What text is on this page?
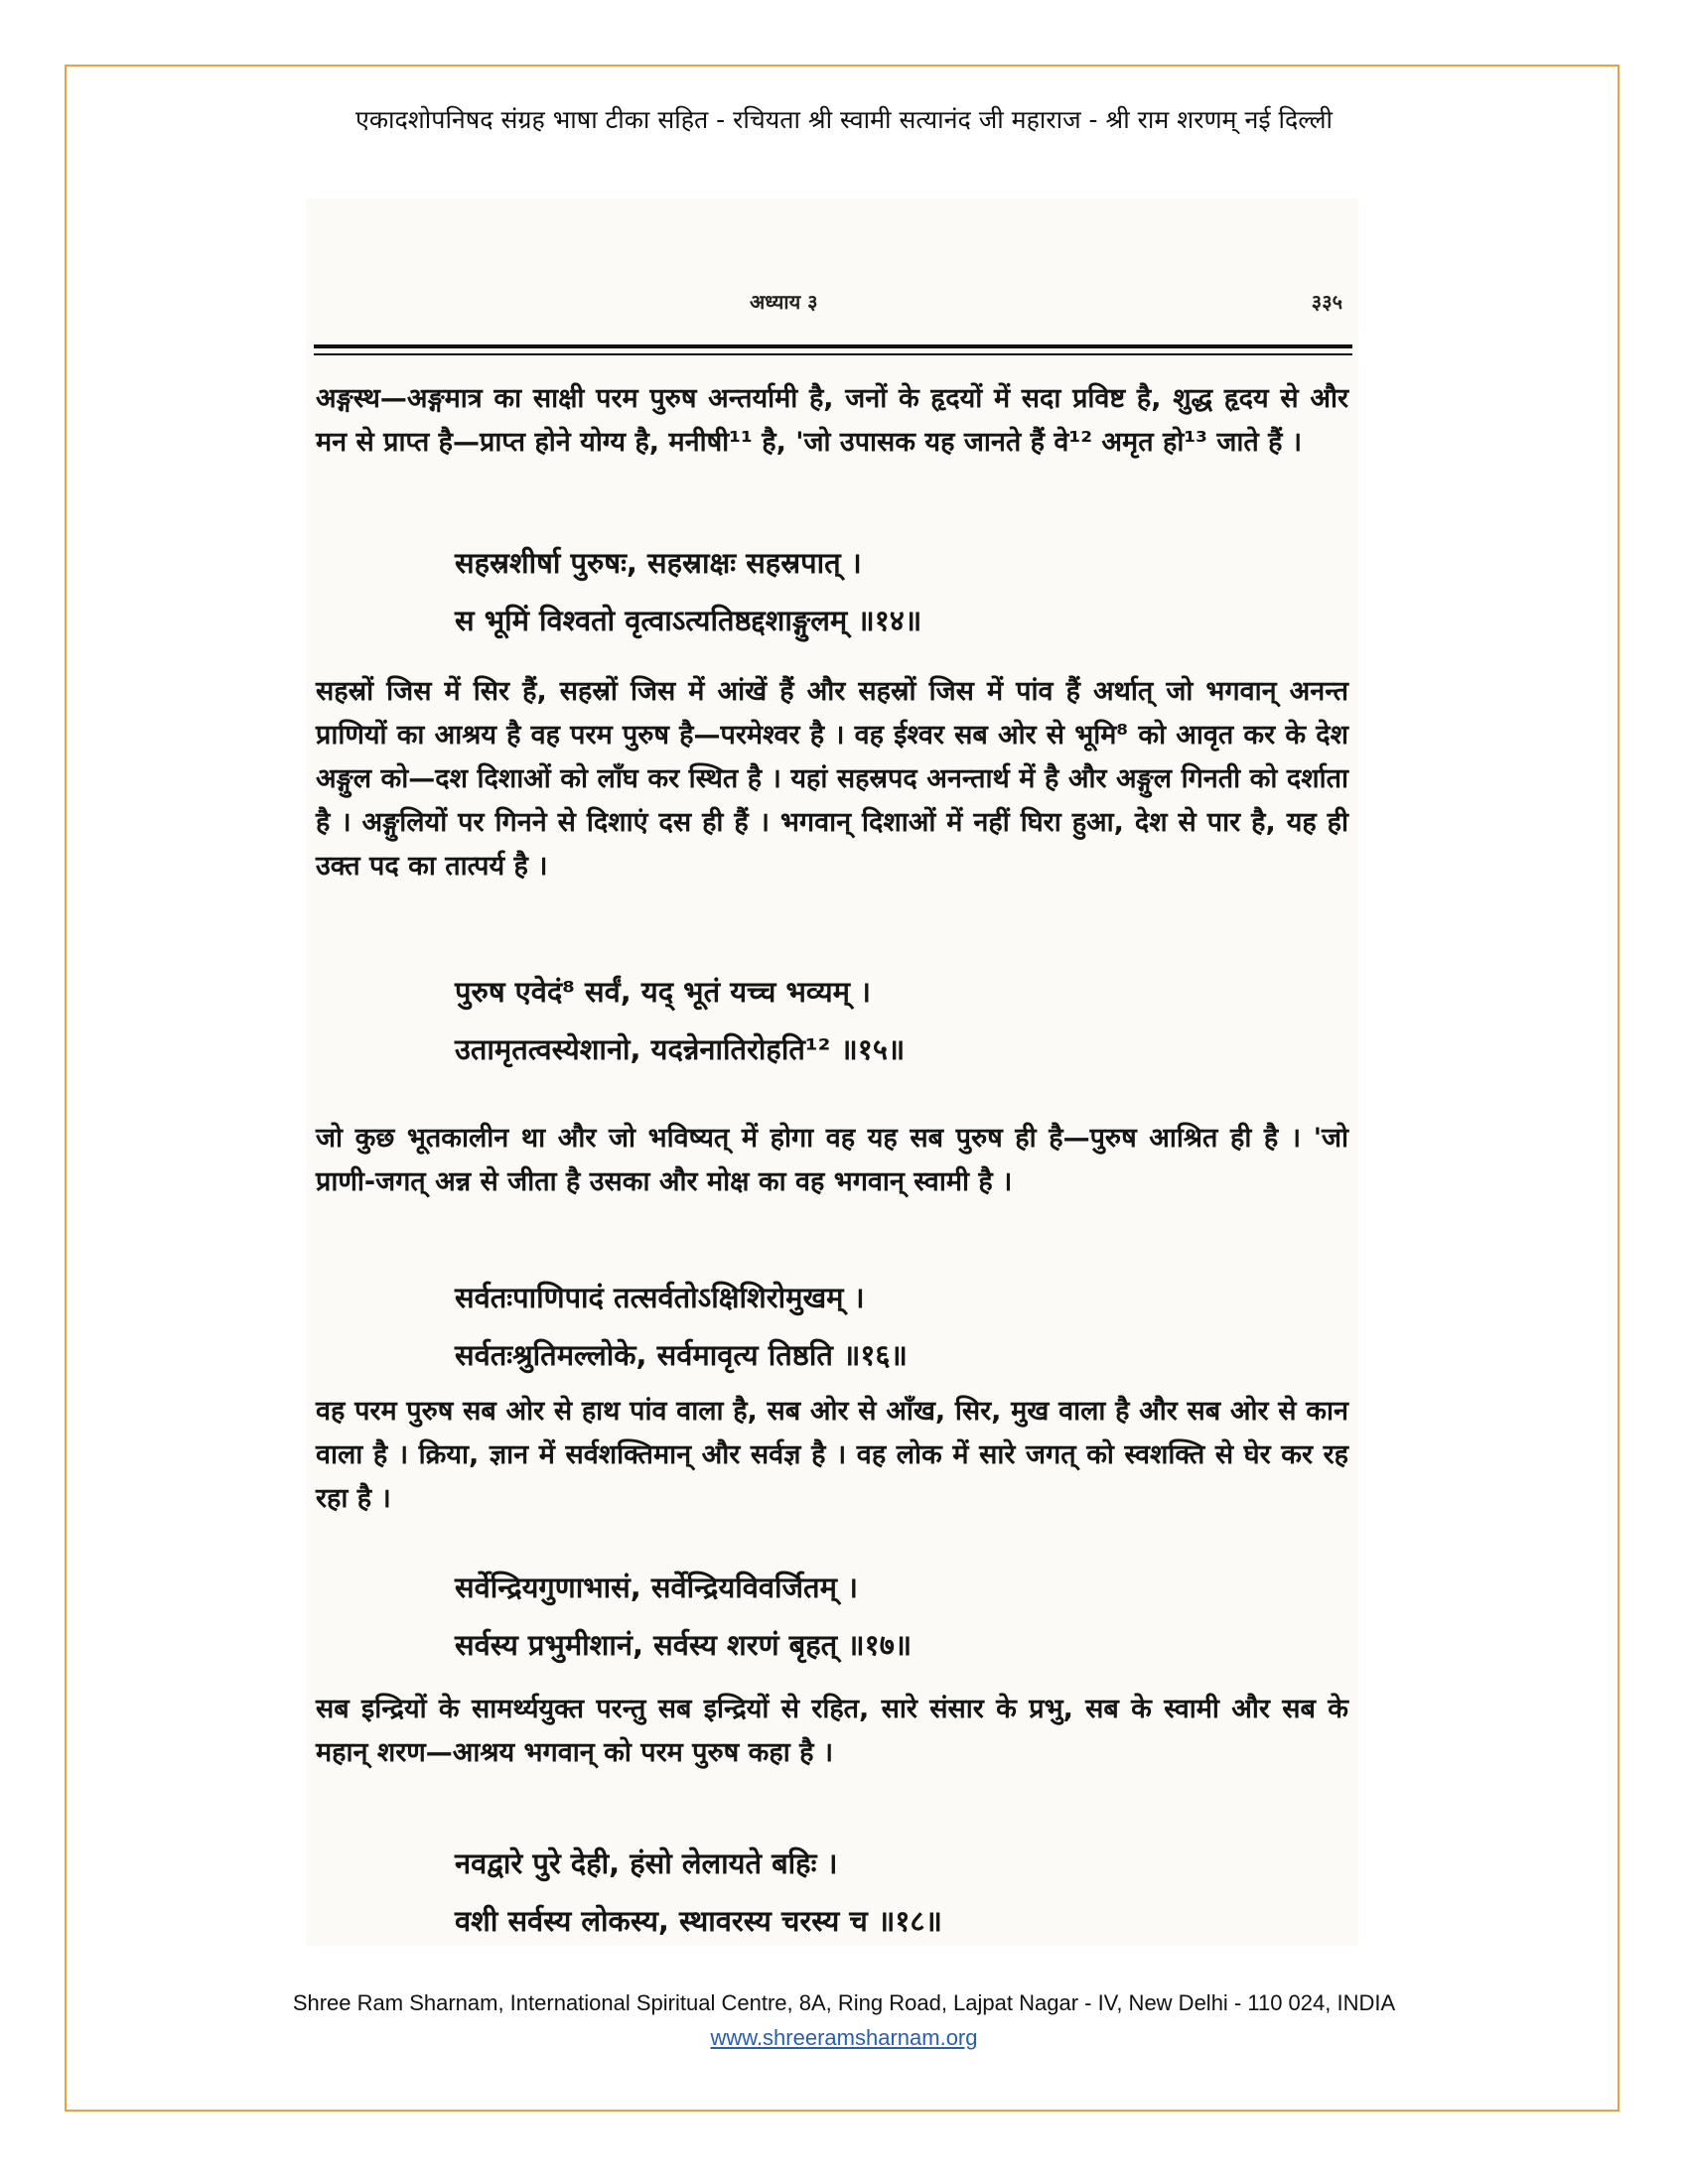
एकादशोपनिषद संग्रह भाषा टीका सहित - रचियता श्री स्वामी सत्यानंद जी महाराज - श्री राम शरणम् नई दिल्ली
अध्याय ३	३३५

अङ्गस्थ—अङ्गमात्र का साक्षी परम पुरुष अन्तर्यामी है, जनों के हृदयों में सदा प्रविष्ट है, शुद्ध हृदय से और मन से प्राप्त है—प्राप्त होने योग्य है, मनीषी¹¹ है, 'जो उपासक यह जानते हैं वे¹² अमृत हो¹³ जाते हैं ।

सहस्रशीर्षा पुरुषः, सहस्राक्षः सहस्रपात् ।

स भूमिं विश्वतो वृत्वाऽत्यतिष्ठद्दशाङ्गुलम् ॥१४॥

सहस्रों जिस में सिर हैं, सहस्रों जिस में आंखें हैं और सहस्रों जिस में पांव हैं अर्थात् जो भगवान् अनन्त प्राणियों का आश्रय है वह परम पुरुष है—परमेश्वर है । वह ईश्वर सब ओर से भूमि⁸ को आवृत कर के देश अङ्गुल को—दश दिशाओं को लाँघ कर स्थित है । यहां सहस्रपद अनन्तार्थ में है और अङ्गुल गिनती को दर्शाता है । अङ्गुलियों पर गिनने से दिशाएं दस ही हैं । भगवान् दिशाओं में नहीं घिरा हुआ, देश से पार है, यह ही उक्त पद का तात्पर्य है ।

पुरुष एवेदं⁸ सर्वं, यद् भूतं यच्च भव्यम् ।

उतामृतत्वस्येशानो, यदन्नेनातिरोहति¹² ॥१५॥

जो कुछ भूतकालीन था और जो भविष्यत् में होगा वह यह सब पुरुष ही है—पुरुष आश्रित ही है । 'जो प्राणी-जगत् अन्न से जीता है उसका और मोक्ष का वह भगवान् स्वामी है ।

सर्वतःपाणिपादं तत्सर्वतोऽक्षिशिरोमुखम् ।

सर्वतःश्रुतिमल्लोके, सर्वमावृत्य तिष्ठति ॥१६॥

वह परम पुरुष सब ओर से हाथ पांव वाला है, सब ओर से आँख, सिर, मुख वाला है और सब ओर से कान वाला है । क्रिया, ज्ञान में सर्वशक्तिमान् और सर्वज्ञ है । वह लोक में सारे जगत् को स्वशक्ति से घेर कर रह रहा है ।

सर्वेन्द्रियगुणाभासं, सर्वेन्द्रियविवर्जितम् ।

सर्वस्य प्रभुमीशानं, सर्वस्य शरणं बृहत् ॥१७॥

सब इन्द्रियों के सामर्थ्ययुक्त परन्तु सब इन्द्रियों से रहित, सारे संसार के प्रभु, सब के स्वामी और सब के महान् शरण—आश्रय भगवान् को परम पुरुष कहा है ।

नवद्वारे पुरे देही, हंसो लेलायते बहिः ।

वशी सर्वस्य लोकस्य, स्थावरस्य चरस्य च ॥१८॥

Shree Ram Sharnam, International Spiritual Centre, 8A, Ring Road, Lajpat Nagar - IV, New Delhi - 110 024, INDIA
www.shreeramsharnam.org
